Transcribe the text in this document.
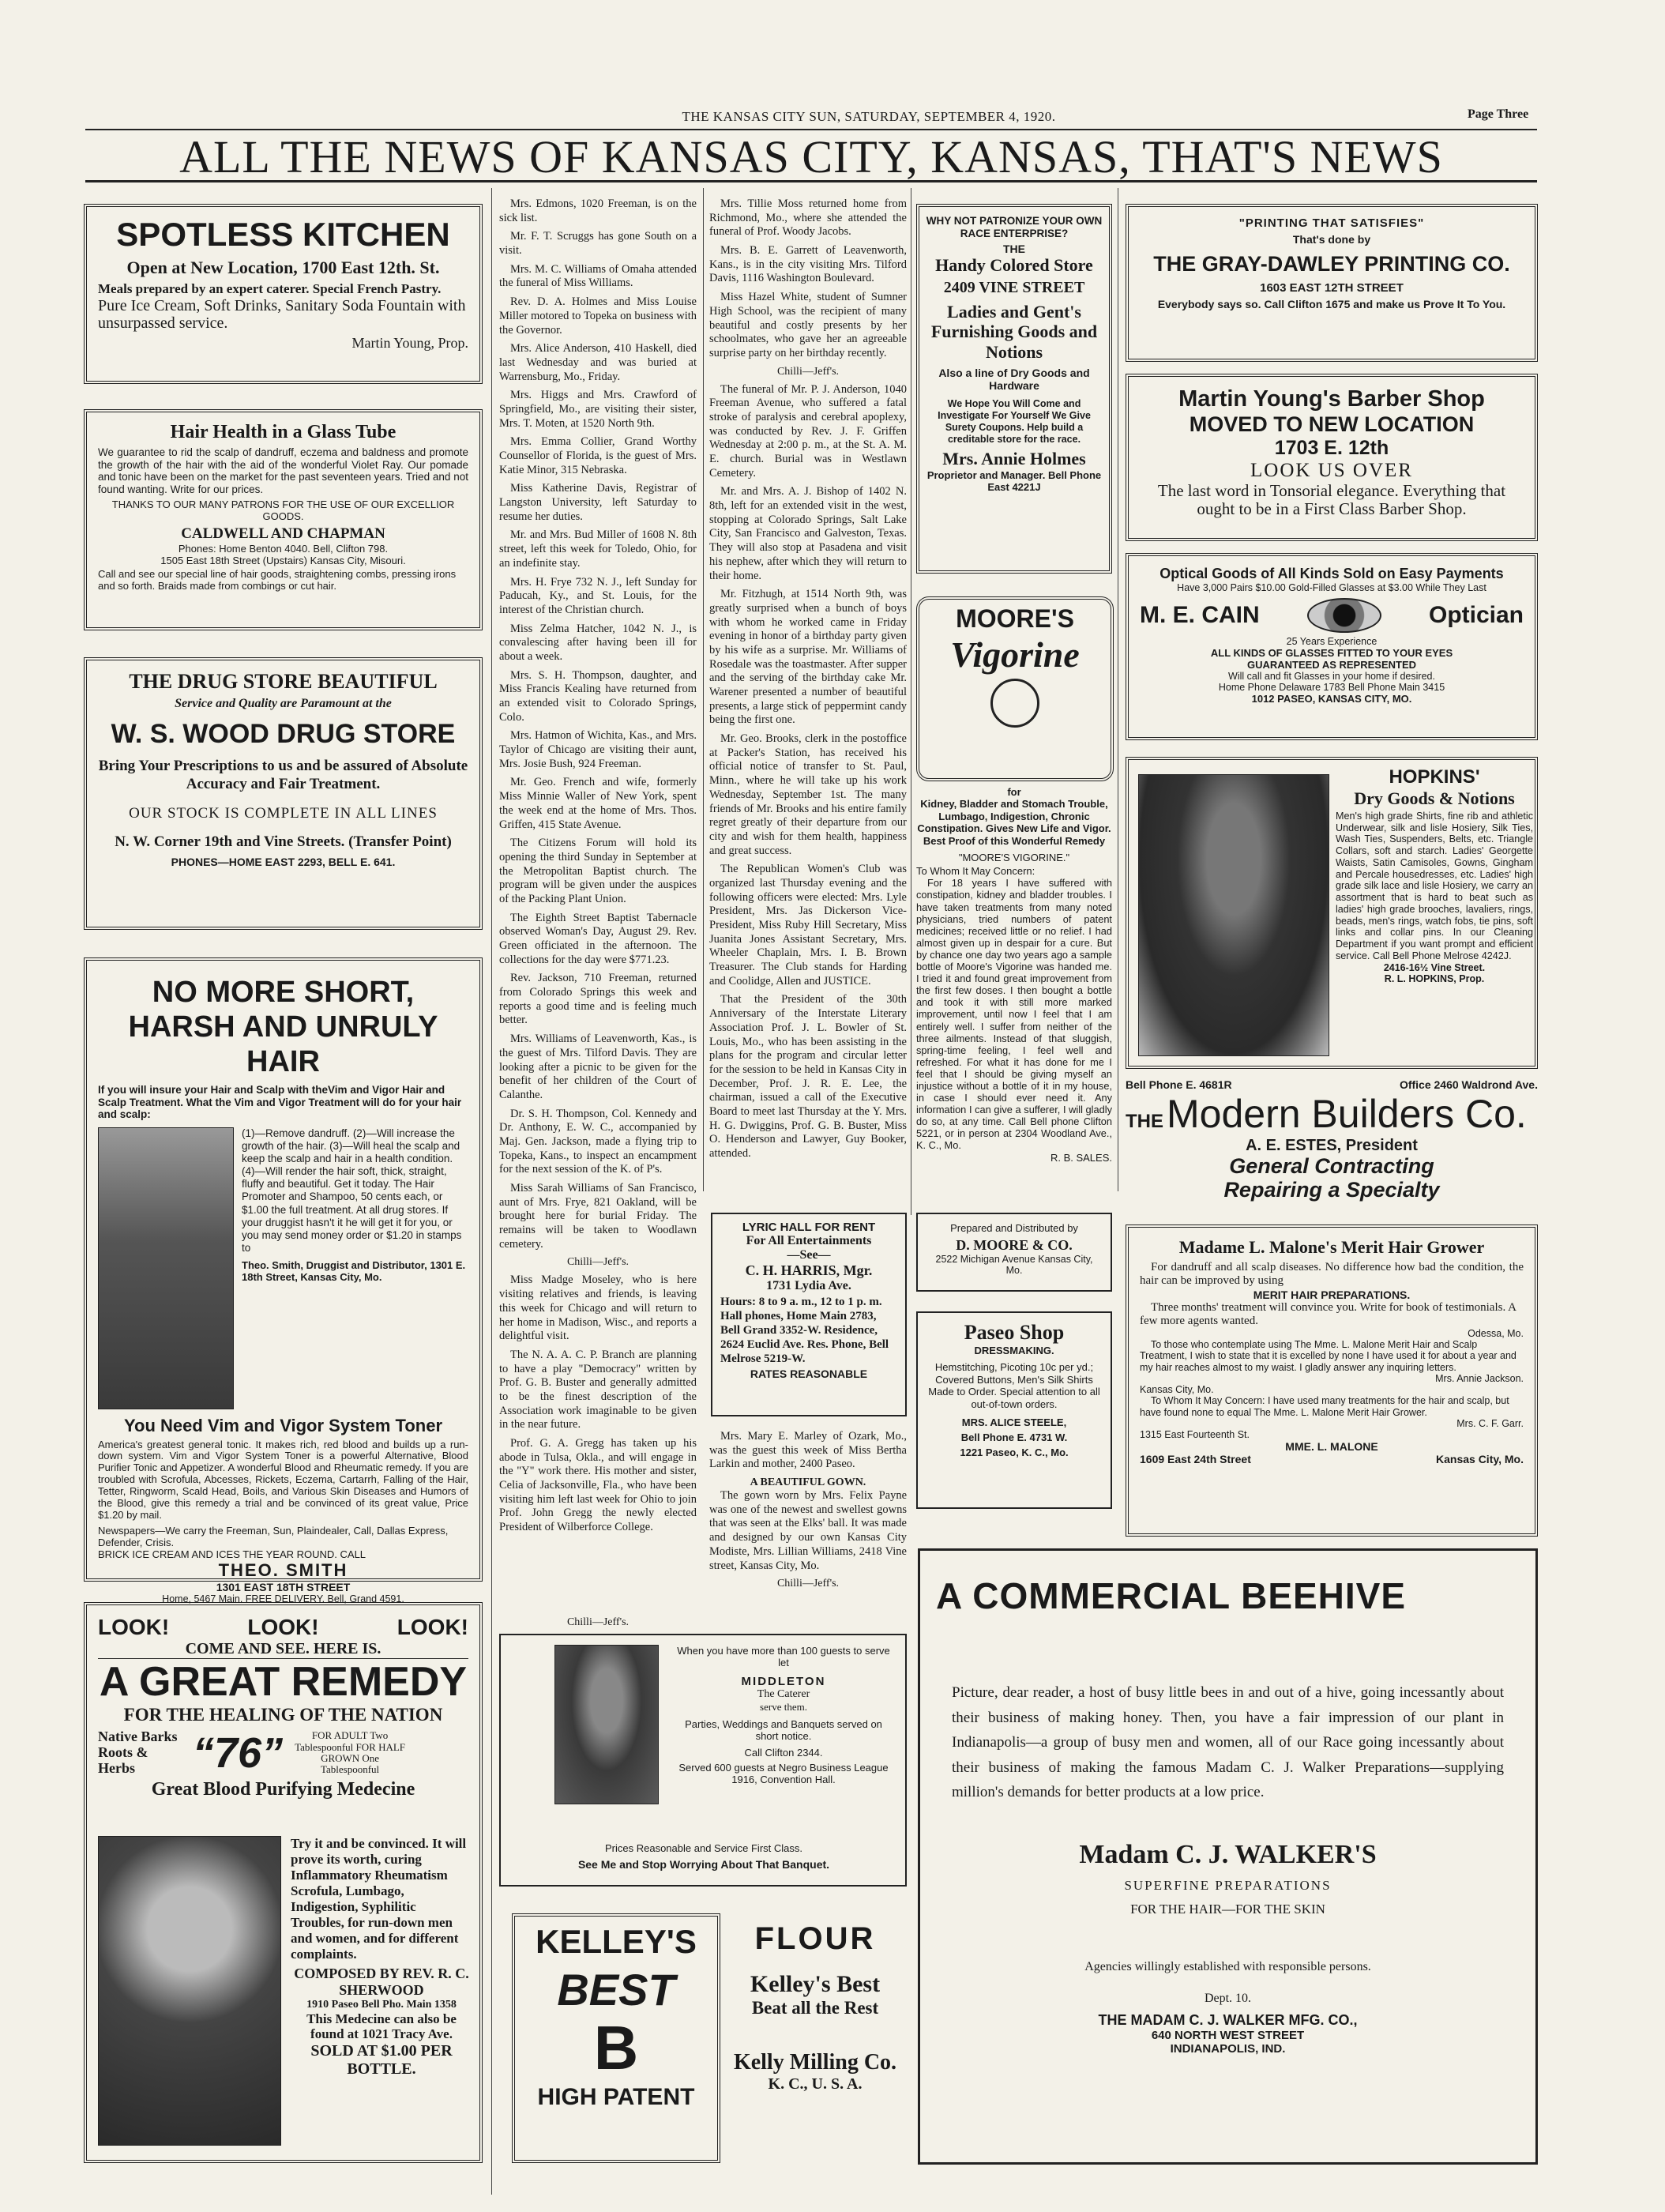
THE KANSAS CITY SUN, SATURDAY, SEPTEMBER 4, 1920.	Page Three
ALL THE NEWS OF KANSAS CITY, KANSAS, THAT'S NEWS
SPOTLESS KITCHEN
Open at New Location, 1700 East 12th. St.
Meals prepared by an expert caterer. Special French Pastry.
Pure Ice Cream, Soft Drinks, Sanitary Soda Fountain with unsurpassed service.
Martin Young, Prop.
Hair Health in a Glass Tube
We guarantee to rid the scalp of dandruff, eczema and baldness and promote the growth of the hair with the aid of the wonderful Violet Ray. Our pomade and tonic have been on the market for the past seventeen years. Tried and not found wanting. Write for our prices.
THANKS TO OUR MANY PATRONS FOR THE USE OF OUR EXCELLIOR GOODS.
CALDWELL AND CHAPMAN
Phones: Home Benton 4040. Bell, Clifton 798.
1505 East 18th Street (Upstairs) Kansas City, Misouri.
Call and see our special line of hair goods, straightening combs, pressing irons and so forth. Braids made from combings or cut hair.
THE DRUG STORE BEAUTIFUL
Service and Quality are Paramount at the
W. S. WOOD DRUG STORE
Bring Your Prescriptions to us and be assured of Absolute Accuracy and Fair Treatment.
OUR STOCK IS COMPLETE IN ALL LINES
N. W. Corner 19th and Vine Streets. (Transfer Point)
PHONES—HOME EAST 2293, BELL E. 641.
NO MORE SHORT, HARSH AND UNRULY HAIR
If you will insure your Hair and Scalp with theVim and Vigor Hair and Scalp Treatment. What the Vim and Vigor Treatment will do for your hair and scalp:
(1)—Remove dandruff. (2)—Will increase the growth of the hair. (3)—Will heal the scalp and keep the scalp and hair in a health condition. (4)—Will render the hair soft, thick, straight, fluffy and beautiful. Get it today. The Hair Promoter and Shampoo, 50 cents each, or $1.00 the full treatment. At all drug stores. If your druggist hasn't it he will get it for you, or you may send money order or $1.20 in stamps to
Theo. Smith, Druggist and Distributor, 1301 E. 18th Street, Kansas City, Mo.
You Need Vim and Vigor System Toner
America's greatest general tonic. It makes rich, red blood and builds up a run-down system. Vim and Vigor System Toner is a powerful Alternative, Blood Purifier Tonic and Appetizer. A wonderful Blood and Rheumatic remedy. If you are troubled with Scrofula, Abcesses, Rickets, Eczema, Cartarrh, Falling of the Hair, Tetter, Ringworm, Scald Head, Boils, and Various Skin Diseases and Humors of the Blood, give this remedy a trial and be convinced of its great value, Price $1.20 by mail.
Newspapers—We carry the Freeman, Sun, Plaindealer, Call, Dallas Express, Defender, Crisis.
BRICK ICE CREAM AND ICES THE YEAR ROUND. CALL
THEO. SMITH
1301 EAST 18TH STREET
Home, 5467 Main. FREE DELIVERY. Bell, Grand 4591.
LOOK!	LOOK!	LOOK!
COME AND SEE. HERE IS.
A GREAT REMEDY
FOR THE HEALING OF THE NATION
Native Barks Roots & Herbs	“76”	FOR ADULT Two Tablespoonful FOR HALF GROWN One Tablespoonful
Great Blood Purifying Medecine
Try it and be convinced. It will prove its worth, curing Inflammatory Rheumatism Scrofula, Lumbago, Indigestion, Syphilitic Troubles, for run-down men and women, and for different complaints.
COMPOSED BY REV. R. C. SHERWOOD
1910 Paseo Bell Pho. Main 1358
This Medecine can also be found at 1021 Tracy Ave.
SOLD AT $1.00 PER BOTTLE.
Mrs. Edmons, 1020 Freeman, is on the sick list.
Mr. F. T. Scruggs has gone South on a visit.
Mrs. M. C. Williams of Omaha attended the funeral of Miss Williams.
Rev. D. A. Holmes and Miss Louise Miller motored to Topeka on business with the Governor.
Mrs. Alice Anderson, 410 Haskell, died last Wednesday and was buried at Warrensburg, Mo., Friday.
Mrs. Higgs and Mrs. Crawford of Springfield, Mo., are visiting their sister, Mrs. T. Moten, at 1520 North 9th.
Mrs. Emma Collier, Grand Worthy Counsellor of Florida, is the guest of Mrs. Katie Minor, 315 Nebraska.
Miss Katherine Davis, Registrar of Langston University, left Saturday to resume her duties.
Mr. and Mrs. Bud Miller of 1608 N. 8th street, left this week for Toledo, Ohio, for an indefinite stay.
Mrs. H. Frye 732 N. J., left Sunday for Paducah, Ky., and St. Louis, for the interest of the Christian church.
Miss Zelma Hatcher, 1042 N. J., is convalescing after having been ill for about a week.
Mrs. S. H. Thompson, daughter, and Miss Francis Kealing have returned from an extended visit to Colorado Springs, Colo.
Mrs. Hatmon of Wichita, Kas., and Mrs. Taylor of Chicago are visiting their aunt, Mrs. Josie Bush, 924 Freeman.
Mr. Geo. French and wife, formerly Miss Minnie Waller of New York, spent the week end at the home of Mrs. Thos. Griffen, 415 State Avenue.
The Citizens Forum will hold its opening the third Sunday in September at the Metropolitan Baptist church. The program will be given under the auspices of the Packing Plant Union.
The Eighth Street Baptist Tabernacle observed Woman's Day, August 29. Rev. Green officiated in the afternoon. The collections for the day were $771.23.
Rev. Jackson, 710 Freeman, returned from Colorado Springs this week and reports a good time and is feeling much better.
Mrs. Williams of Leavenworth, Kas., is the guest of Mrs. Tilford Davis. They are looking after a picnic to be given for the benefit of her children of the Court of Calanthe.
Dr. S. H. Thompson, Col. Kennedy and Dr. Anthony, E. W. C., accompanied by Maj. Gen. Jackson, made a flying trip to Topeka, Kans., to inspect an encampment for the next session of the K. of P's.
Miss Sarah Williams of San Francisco, aunt of Mrs. Frye, 821 Oakland, will be brought here for burial Friday. The remains will be taken to Woodlawn cemetery.
Chilli—Jeff's.
Miss Madge Moseley, who is here visiting relatives and friends, is leaving this week for Chicago and will return to her home in Madison, Wisc., and reports a delightful visit.
The N. A. A. C. P. Branch are planning to have a play "Democracy" written by Prof. G. B. Buster and generally admitted to be the finest description of the Association work imaginable to be given in the near future.
Prof. G. A. Gregg has taken up his abode in Tulsa, Okla., and will engage in the "Y" work there. His mother and sister, Celia of Jacksonville, Fla., who have been visiting him left last week for Ohio to join Prof. John Gregg the newly elected President of Wilberforce College.
Mrs. Tillie Moss returned home from Richmond, Mo., where she attended the funeral of Prof. Woody Jacobs.
Mrs. B. E. Garrett of Leavenworth, Kans., is in the city visiting Mrs. Tilford Davis, 1116 Washington Boulevard.
Miss Hazel White, student of Sumner High School, was the recipient of many beautiful and costly presents by her schoolmates, who gave her an agreeable surprise party on her birthday recently.
Chilli—Jeff's.
The funeral of Mr. P. J. Anderson, 1040 Freeman Avenue, who suffered a fatal stroke of paralysis and cerebral apoplexy, was conducted by Rev. J. F. Griffen Wednesday at 2:00 p. m., at the St. A. M. E. church. Burial was in Westlawn Cemetery.
Mr. and Mrs. A. J. Bishop of 1402 N. 8th, left for an extended visit in the west, stopping at Colorado Springs, Salt Lake City, San Francisco and Galveston, Texas. They will also stop at Pasadena and visit his nephew, after which they will return to their home.
Mr. Fitzhugh, at 1514 North 9th, was greatly surprised when a bunch of boys with whom he worked came in Friday evening in honor of a birthday party given by his wife as a surprise. Mr. Williams of Rosedale was the toastmaster. After supper and the serving of the birthday cake Mr. Warener presented a number of beautiful presents, a large stick of peppermint candy being the first one.
Mr. Geo. Brooks, clerk in the postoffice at Packer's Station, has received his official notice of transfer to St. Paul, Minn., where he will take up his work Wednesday, September 1st. The many friends of Mr. Brooks and his entire family regret greatly of their departure from our city and wish for them health, happiness and great success.
The Republican Women's Club was organized last Thursday evening and the following officers were elected: Mrs. Lyle President, Mrs. Jas Dickerson Vice-President, Miss Ruby Hill Secretary, Miss Juanita Jones Assistant Secretary, Mrs. Wheeler Chaplain, Mrs. I. B. Brown Treasurer. The Club stands for Harding and Coolidge, Allen and JUSTICE.
That the President of the 30th Anniversary of the Interstate Literary Association Prof. J. L. Bowler of St. Louis, Mo., who has been assisting in the plans for the program and circular letter for the session to be held in Kansas City in December, Prof. J. R. E. Lee, the chairman, issued a call of the Executive Board to meet last Thursday at the Y. Mrs. H. G. Dwiggins, Prof. G. B. Buster, Miss O. Henderson and Lawyer, Guy Booker, attended.
LYRIC HALL FOR RENT
For All Entertainments
—See—
C. H. HARRIS, Mgr.
1731 Lydia Ave.
Hours: 8 to 9 a. m., 12 to 1 p. m. Hall phones, Home Main 2783, Bell Grand 3352-W. Residence, 2624 Euclid Ave. Res. Phone, Bell Melrose 5219-W.
RATES REASONABLE
Mrs. Mary E. Marley of Ozark, Mo., was the guest this week of Miss Bertha Larkin and mother, 2400 Paseo.
A BEAUTIFUL GOWN.
The gown worn by Mrs. Felix Payne was one of the newest and swellest gowns that was seen at the Elks' ball. It was made and designed by our own Kansas City Modiste, Mrs. Lillian Williams, 2418 Vine street, Kansas City, Mo.
Chilli—Jeff's.
Chilli—Jeff's.
When you have more than 100 guests to serve let
MIDDLETON
The Caterer
serve them.
Parties, Weddings and Banquets served on short notice.
Call Clifton 2344.
Served 600 guests at Negro Business League 1916, Convention Hall.
Prices Reasonable and Service First Class.
See Me and Stop Worrying About That Banquet.
KELLEY'S
BEST
B
HIGH PATENT
FLOUR
Kelley's Best
Beat all the Rest
Kelly Milling Co.
K. C., U. S. A.
WHY NOT PATRONIZE YOUR OWN RACE ENTERPRISE?
THE
Handy Colored Store
2409 VINE STREET
Ladies and Gent's Furnishing Goods and Notions
Also a line of Dry Goods and Hardware
We Hope You Will Come and Investigate For Yourself We Give Surety Coupons. Help build a creditable store for the race.
Mrs. Annie Holmes
Proprietor and Manager. Bell Phone East 4221J
MOORE'S
Vigorine
for
Kidney, Bladder and Stomach Trouble, Lumbago, Indigestion, Chronic Constipation. Gives New Life and Vigor. Best Proof of this Wonderful Remedy
"MOORE'S VIGORINE."
To Whom It May Concern:
For 18 years I have suffered with constipation, kidney and bladder troubles. I have taken treatments from many noted physicians, tried numbers of patent medicines; received little or no relief. I had almost given up in despair for a cure. But by chance one day two years ago a sample bottle of Moore's Vigorine was handed me. I tried it and found great improvement from the first few doses. I then bought a bottle and took it with still more marked improvement, until now I feel that I am entirely well. I suffer from neither of the three ailments. Instead of that sluggish, spring-time feeling, I feel well and refreshed. For what it has done for me I feel that I should be giving myself an injustice without a bottle of it in my house, in case I should ever need it. Any information I can give a sufferer, I will gladly do so, at any time. Call Bell phone Clifton 5221, or in person at 2304 Woodland Ave., K. C., Mo.
R. B. SALES.
Prepared and Distributed by
D. MOORE & CO.
2522 Michigan Avenue Kansas City, Mo.
Paseo Shop
DRESSMAKING.
Hemstitching, Picoting 10c per yd.; Covered Buttons, Men's Silk Shirts Made to Order. Special attention to all out-of-town orders.
MRS. ALICE STEELE,
Bell Phone E. 4731 W.
1221 Paseo, K. C., Mo.
"PRINTING THAT SATISFIES"
That's done by
THE GRAY-DAWLEY PRINTING CO.
1603 EAST 12TH STREET
Everybody says so. Call Clifton 1675 and make us Prove It To You.
Martin Young's Barber Shop
MOVED TO NEW LOCATION
1703 E. 12th
LOOK US OVER
The last word in Tonsorial elegance. Everything that ought to be in a First Class Barber Shop.
Optical Goods of All Kinds Sold on Easy Payments
Have 3,000 Pairs $10.00 Gold-Filled Glasses at $3.00 While They Last
M. E. CAIN	Optician
25 Years Experience
ALL KINDS OF GLASSES FITTED TO YOUR EYES
GUARANTEED AS REPRESENTED
Will call and fit Glasses in your home if desired.
Home Phone Delaware 1783 Bell Phone Main 3415
1012 PASEO, KANSAS CITY, MO.
HOPKINS'
Dry Goods & Notions
Men's high grade Shirts, fine rib and athletic Underwear, silk and lisle Hosiery, Silk Ties, Wash Ties, Suspenders, Belts, etc. Triangle Collars, soft and starch. Ladies' Georgette Waists, Satin Camisoles, Gowns, Gingham and Percale housedresses, etc. Ladies' high grade silk lace and lisle Hosiery, we carry an assortment that is hard to beat such as ladies' high grade brooches, lavaliers, rings, beads, men's rings, watch fobs, tie pins, soft links and collar pins. In our Cleaning Department if you want prompt and efficient service. Call Bell Phone Melrose 4242J.
2416-16½ Vine Street.
R. L. HOPKINS, Prop.
Bell Phone E. 4681R	Office 2460 Waldrond Ave.
THE Modern Builders Co.
A. E. ESTES, President
General Contracting
Repairing a Specialty
Madame L. Malone's Merit Hair Grower
For dandruff and all scalp diseases. No difference how bad the condition, the hair can be improved by using
MERIT HAIR PREPARATIONS.
Three months' treatment will convince you. Write for book of testimonials. A few more agents wanted.
Odessa, Mo.
To those who contemplate using The Mme. L. Malone Merit Hair and Scalp Treatment, I wish to state that it is excelled by none I have used it for about a year and my hair reaches almost to my waist. I gladly answer any inquiring letters.
Mrs. Annie Jackson.
Kansas City, Mo.
To Whom It May Concern: I have used many treatments for the hair and scalp, but have found none to equal The Mme. L. Malone Merit Hair Grower.
Mrs. C. F. Garr.
1315 East Fourteenth St.
MME. L. MALONE
1609 East 24th Street	Kansas City, Mo.
A COMMERCIAL BEEHIVE
Picture, dear reader, a host of busy little bees in and out of a hive, going incessantly about their business of making honey. Then, you have a fair impression of our plant in Indianapolis—a group of busy men and women, all of our Race going incessantly about their business of making the famous Madam C. J. Walker Preparations—supplying million's demands for better products at a low price.
Madam C. J. WALKER'S
SUPERFINE PREPARATIONS
FOR THE HAIR—FOR THE SKIN
Agencies willingly established with responsible persons.
Dept. 10.
THE MADAM C. J. WALKER MFG. CO.,
640 NORTH WEST STREET
INDIANAPOLIS, IND.
